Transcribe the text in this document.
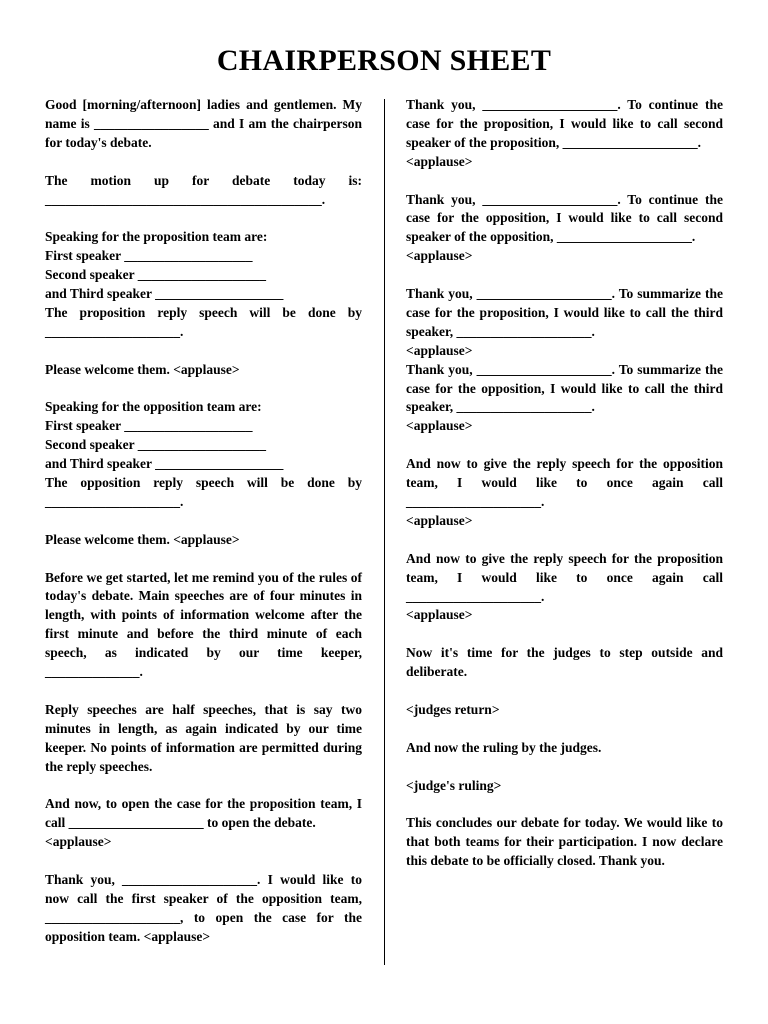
CHAIRPERSON SHEET
Good [morning/afternoon] ladies and gentlemen. My name is _________________ and I am the chairperson for today's debate.
The motion up for debate today is: _________________________________________.
Speaking for the proposition team are:
First speaker ___________________
Second speaker ___________________
and Third speaker ___________________
The proposition reply speech will be done by ____________________.
Please welcome them. <applause>
Speaking for the opposition team are:
First speaker ___________________
Second speaker ___________________
and Third speaker ___________________
The opposition reply speech will be done by ____________________.
Please welcome them. <applause>
Before we get started, let me remind you of the rules of today's debate. Main speeches are of four minutes in length, with points of information welcome after the first minute and before the third minute of each speech, as indicated by our time keeper, ______________.
Reply speeches are half speeches, that is say two minutes in length, as again indicated by our time keeper. No points of information are permitted during the reply speeches.
And now, to open the case for the proposition team, I call ____________________ to open the debate.
<applause>
Thank you, ____________________. I would like to now call the first speaker of the opposition team, ____________________, to open the case for the opposition team. <applause>
Thank you, ____________________. To continue the case for the proposition, I would like to call second speaker of the proposition, ____________________.
<applause>
Thank you, ____________________. To continue the case for the opposition, I would like to call second speaker of the opposition, ____________________.
<applause>
Thank you, ____________________. To summarize the case for the proposition, I would like to call the third speaker, ____________________.
<applause>
Thank you, ____________________. To summarize the case for the opposition, I would like to call the third speaker, ____________________.
<applause>
And now to give the reply speech for the opposition team, I would like to once again call ____________________.
<applause>
And now to give the reply speech for the proposition team, I would like to once again call ____________________.
<applause>
Now it's time for the judges to step outside and deliberate.
<judges return>
And now the ruling by the judges.
<judge's ruling>
This concludes our debate for today. We would like to that both teams for their participation. I now declare this debate to be officially closed. Thank you.
